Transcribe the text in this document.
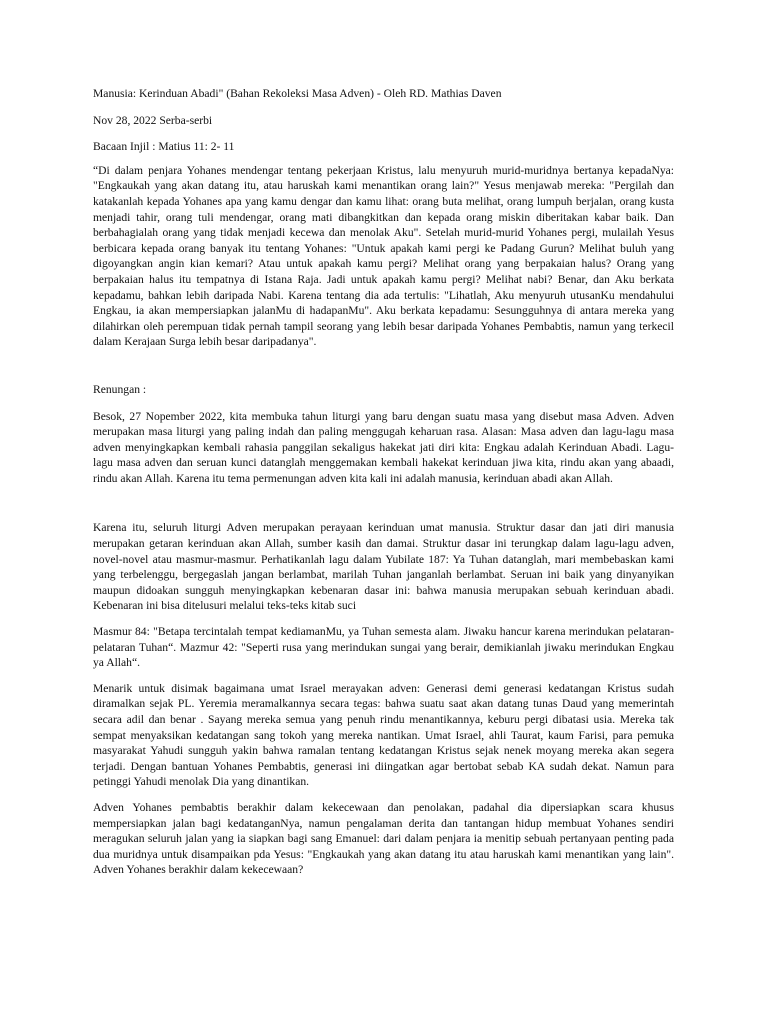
Manusia: Kerinduan Abadi" (Bahan Rekoleksi Masa Adven) - Oleh RD. Mathias Daven
Nov 28, 2022 Serba-serbi
Bacaan Injil : Matius 11: 2- 11
“Di dalam penjara Yohanes mendengar tentang pekerjaan Kristus, lalu menyuruh murid-muridnya bertanya kepadaNya: "Engkaukah yang akan datang itu, atau haruskah kami menantikan orang lain?" Yesus menjawab mereka: "Pergilah dan katakanlah kepada Yohanes apa yang kamu dengar dan kamu lihat: orang buta melihat, orang lumpuh berjalan, orang kusta menjadi tahir, orang tuli mendengar, orang mati dibangkitkan dan kepada orang miskin diberitakan kabar baik. Dan berbahagialah orang yang tidak menjadi kecewa dan menolak Aku". Setelah murid-murid Yohanes pergi, mulailah Yesus berbicara kepada orang banyak itu tentang Yohanes: "Untuk apakah kami pergi ke Padang Gurun? Melihat buluh yang digoyangkan angin kian kemari? Atau untuk apakah kamu pergi? Melihat orang yang berpakaian halus? Orang yang berpakaian halus itu tempatnya di Istana Raja. Jadi untuk apakah kamu pergi? Melihat nabi? Benar, dan Aku berkata kepadamu, bahkan lebih daripada Nabi. Karena tentang dia ada tertulis: "Lihatlah, Aku menyuruh utusanKu mendahului Engkau, ia akan mempersiapkan jalanMu di hadapanMu". Aku berkata kepadamu: Sesungguhnya di antara mereka yang dilahirkan oleh perempuan tidak pernah tampil seorang yang lebih besar daripada Yohanes Pembabtis, namun yang terkecil dalam Kerajaan Surga lebih besar daripadanya".
Renungan :
Besok, 27 Nopember 2022, kita membuka tahun liturgi yang baru dengan suatu masa yang disebut masa Adven. Adven merupakan masa liturgi yang paling indah dan paling menggugah keharuan rasa. Alasan: Masa adven dan lagu-lagu masa adven menyingkapkan kembali rahasia panggilan sekaligus hakekat jati diri kita: Engkau adalah Kerinduan Abadi. Lagu-lagu masa adven dan seruan kunci datanglah menggemakan kembali hakekat kerinduan jiwa kita, rindu akan yang abaadi, rindu akan Allah. Karena itu tema permenungan adven kita kali ini adalah manusia, kerinduan abadi akan Allah.
Karena itu, seluruh liturgi Adven merupakan perayaan kerinduan umat manusia. Struktur dasar dan jati diri manusia merupakan getaran kerinduan akan Allah, sumber kasih dan damai. Struktur dasar ini terungkap dalam lagu-lagu adven, novel-novel atau masmur-masmur. Perhatikanlah lagu dalam Yubilate 187: Ya Tuhan datanglah, mari membebaskan kami yang terbelenggu, bergegaslah jangan berlambat, marilah Tuhan janganlah berlambat. Seruan ini baik yang dinyanyikan maupun didoakan sungguh menyingkapkan kebenaran dasar ini: bahwa manusia merupakan sebuah kerinduan abadi. Kebenaran ini bisa ditelusuri melalui teks-teks kitab suci
Masmur 84: "Betapa tercintalah tempat kediamanMu, ya Tuhan semesta alam. Jiwaku hancur karena merindukan pelataran-pelataran Tuhan“. Mazmur 42: "Seperti rusa yang merindukan sungai yang berair, demikianlah jiwaku merindukan Engkau ya Allah“.
Menarik untuk disimak bagaimana umat Israel merayakan adven: Generasi demi generasi kedatangan Kristus sudah diramalkan sejak PL. Yeremia meramalkannya secara tegas: bahwa suatu saat akan datang tunas Daud yang memerintah secara adil dan benar . Sayang mereka semua yang penuh rindu menantikannya, keburu pergi dibatasi usia. Mereka tak sempat menyaksikan kedatangan sang tokoh yang mereka nantikan. Umat Israel, ahli Taurat, kaum Farisi, para pemuka masyarakat Yahudi sungguh yakin bahwa ramalan tentang kedatangan Kristus sejak nenek moyang mereka akan segera terjadi. Dengan bantuan Yohanes Pembabtis, generasi ini diingatkan agar bertobat sebab KA sudah dekat. Namun para petinggi Yahudi menolak Dia yang dinantikan.
Adven Yohanes pembabtis berakhir dalam kekecewaan dan penolakan, padahal dia dipersiapkan scara khusus mempersiapkan jalan bagi kedatanganNya, namun pengalaman derita dan tantangan hidup membuat Yohanes sendiri meragukan seluruh jalan yang ia siapkan bagi sang Emanuel: dari dalam penjara ia menitip sebuah pertanyaan penting pada dua muridnya untuk disampaikan pda Yesus: "Engkaukah yang akan datang itu atau haruskah kami menantikan yang lain". Adven Yohanes berakhir dalam kekecewaan?
